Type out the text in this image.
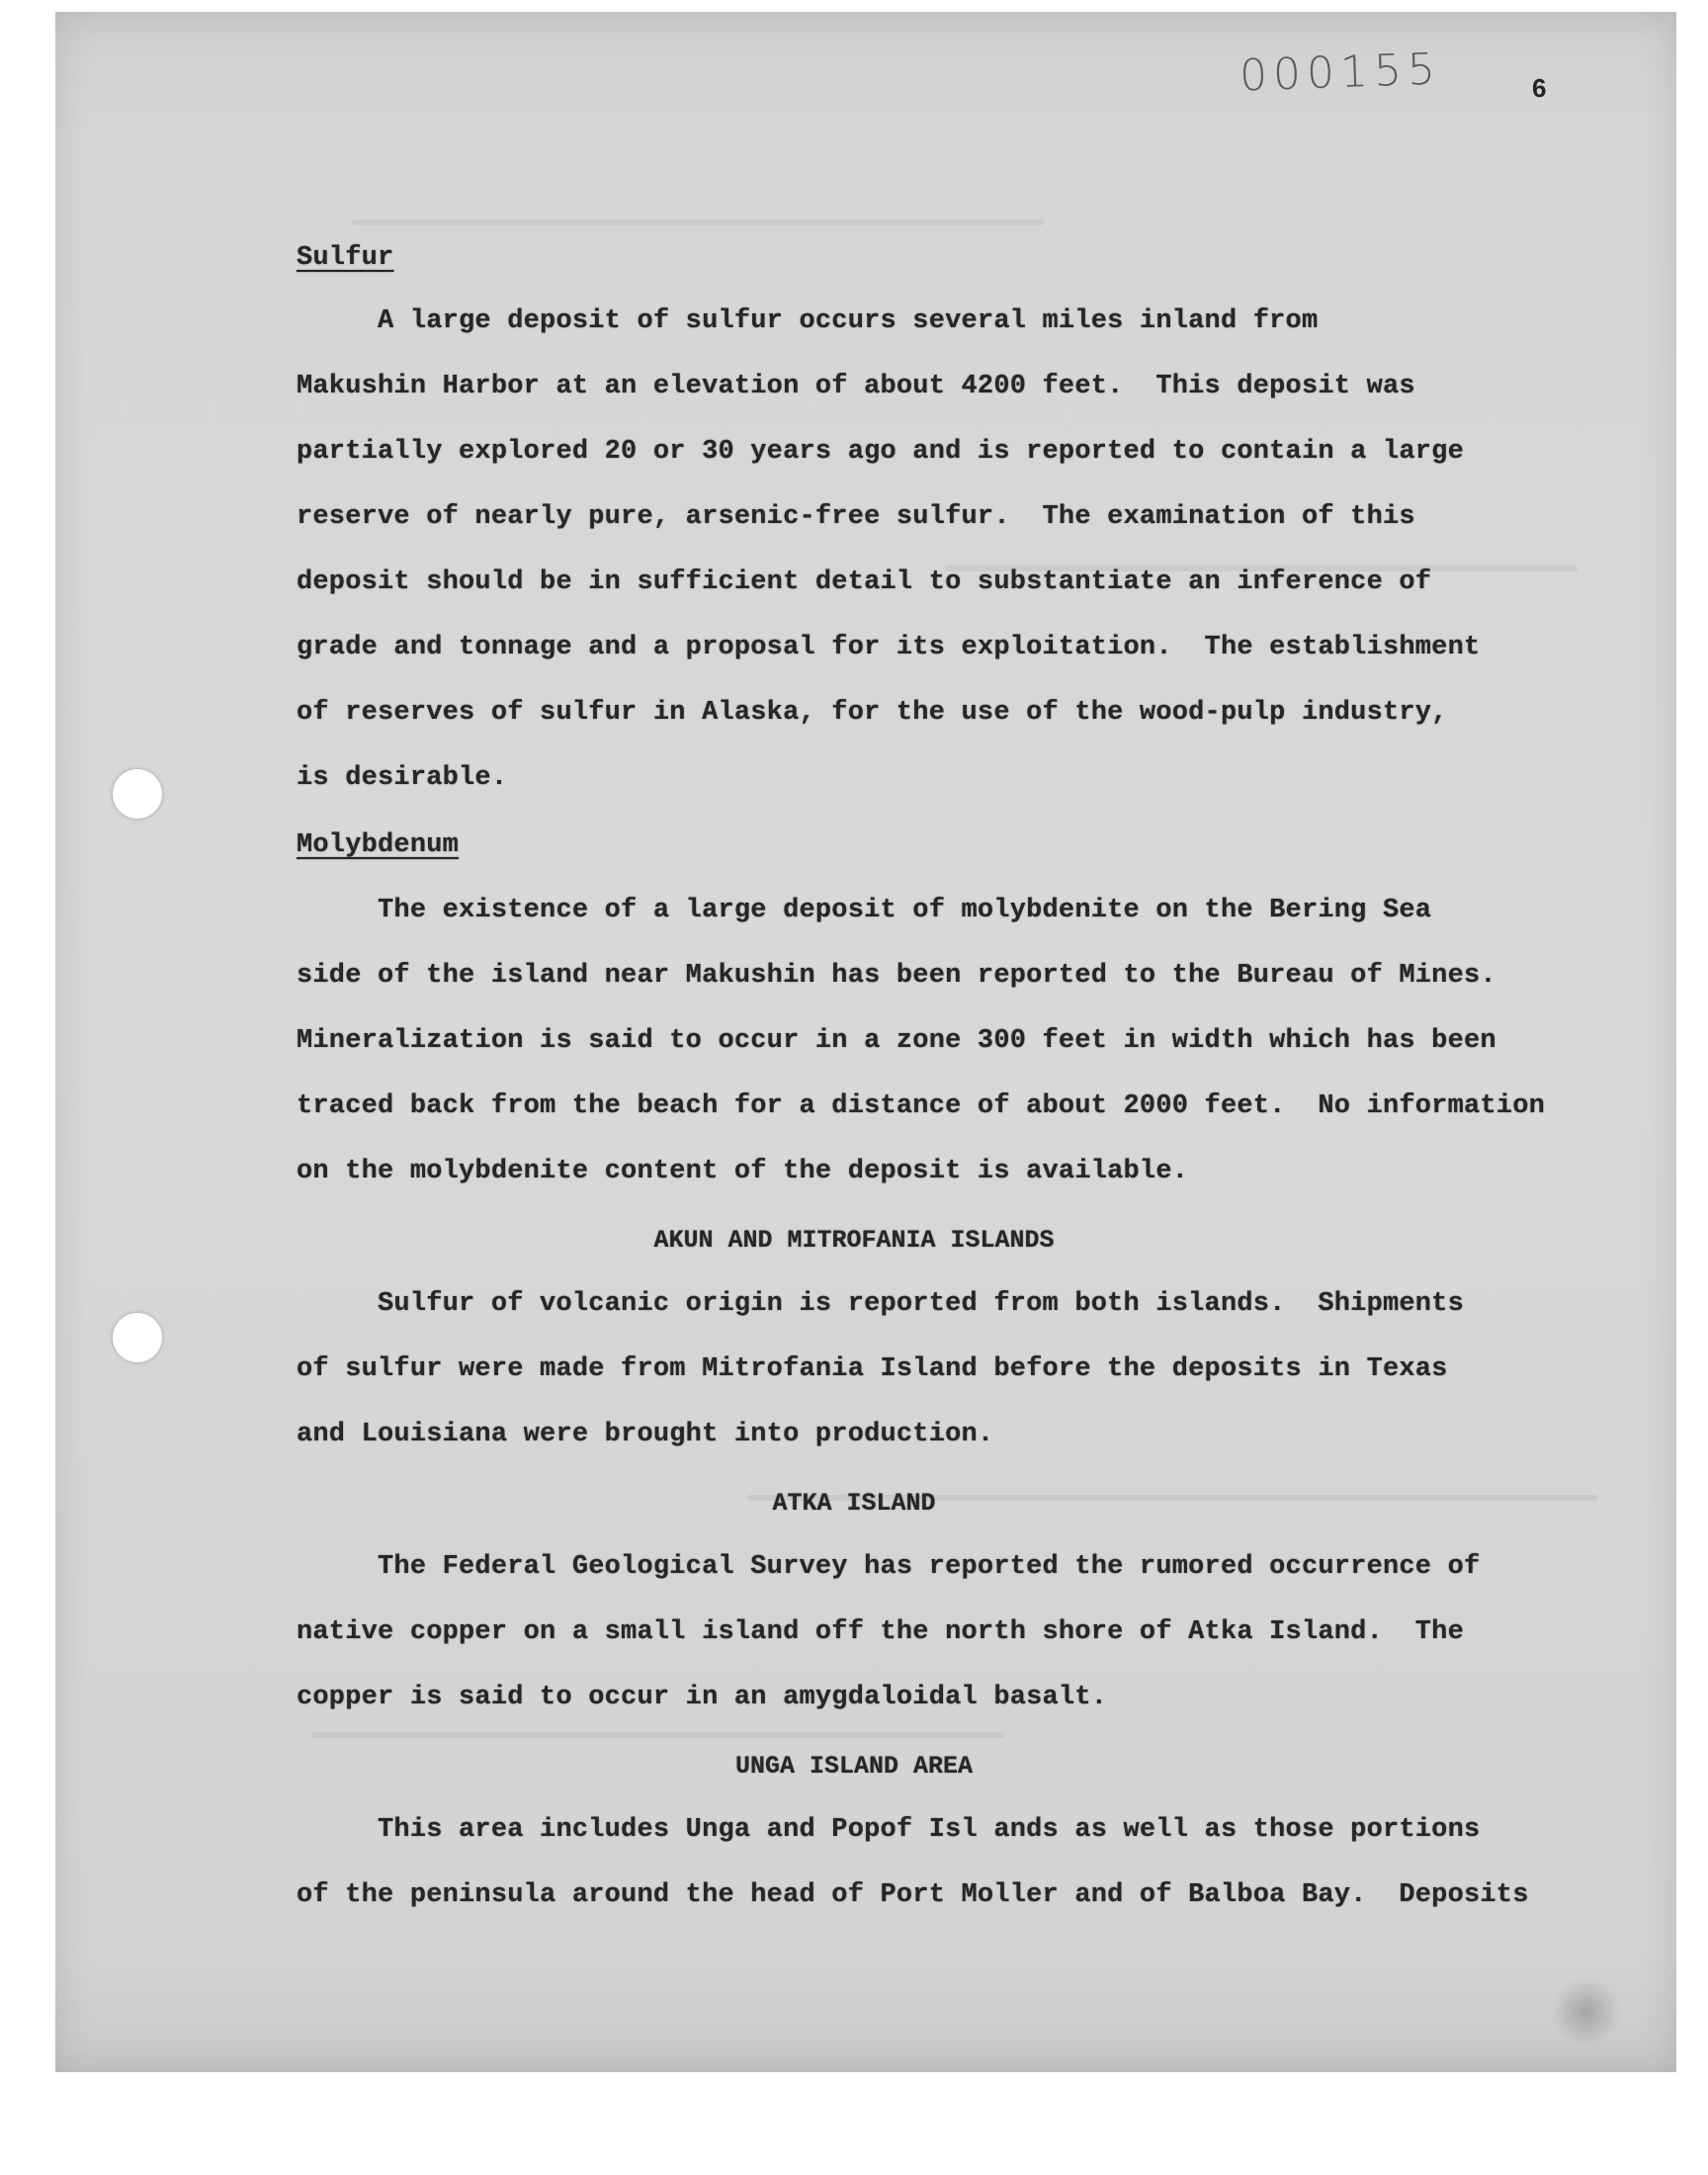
000155	6
Sulfur
A large deposit of sulfur occurs several miles inland from
Makushin Harbor at an elevation of about 4200 feet.  This deposit was
partially explored 20 or 30 years ago and is reported to contain a large
reserve of nearly pure, arsenic-free sulfur.  The examination of this
deposit should be in sufficient detail to substantiate an inference of
grade and tonnage and a proposal for its exploitation.  The establishment
of reserves of sulfur in Alaska, for the use of the wood-pulp industry,
is desirable.
Molybdenum
The existence of a large deposit of molybdenite on the Bering Sea
side of the island near Makushin has been reported to the Bureau of Mines.
Mineralization is said to occur in a zone 300 feet in width which has been
traced back from the beach for a distance of about 2000 feet.  No information
on the molybdenite content of the deposit is available.
AKUN AND MITROFANIA ISLANDS
Sulfur of volcanic origin is reported from both islands.  Shipments
of sulfur were made from Mitrofania Island before the deposits in Texas
and Louisiana were brought into production.
ATKA ISLAND
The Federal Geological Survey has reported the rumored occurrence of
native copper on a small island off the north shore of Atka Island.  The
copper is said to occur in an amygdaloidal basalt.
UNGA ISLAND AREA
This area includes Unga and Popof Isl ands as well as those portions
of the peninsula around the head of Port Moller and of Balboa Bay.  Deposits
